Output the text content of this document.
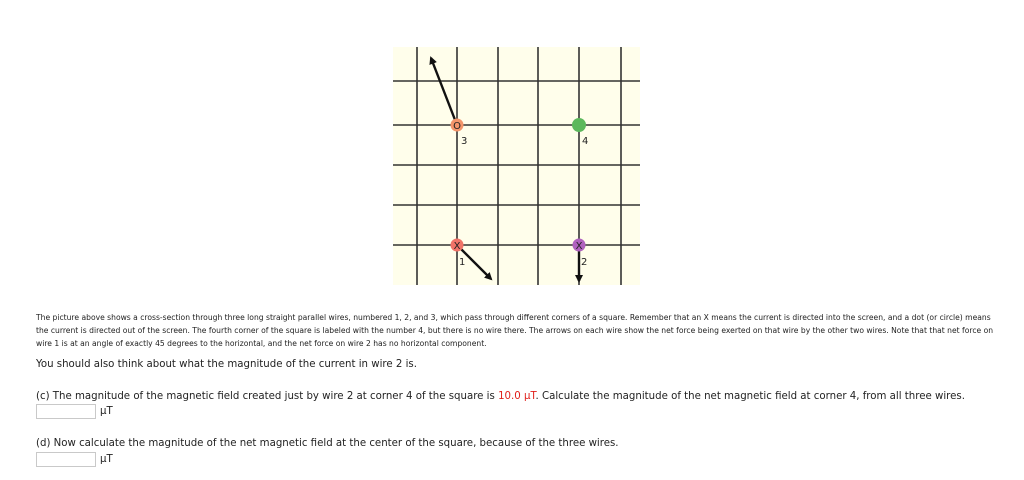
O
3	4
X
1
X
2

The picture above shows a cross-section through three long straight parallel wires, numbered 1, 2, and 3, which pass through different corners of a square. Remember that an X means the current is directed into the screen, and a dot (or circle) means the current is directed out of the screen. The fourth corner of the square is labeled with the number 4, but there is no wire there. The arrows on each wire show the net force being exerted on that wire by the other two wires. Note that that net force on wire 1 is at an angle of exactly 45 degrees to the horizontal, and the net force on wire 2 has no horizontal component.

You should also think about what the magnitude of the current in wire 2 is.

(c) The magnitude of the magnetic field created just by wire 2 at corner 4 of the square is 10.0 μT. Calculate the magnitude of the net magnetic field at corner 4, from all three wires.

μT

(d) Now calculate the magnitude of the net magnetic field at the center of the square, because of the three wires.

μT
